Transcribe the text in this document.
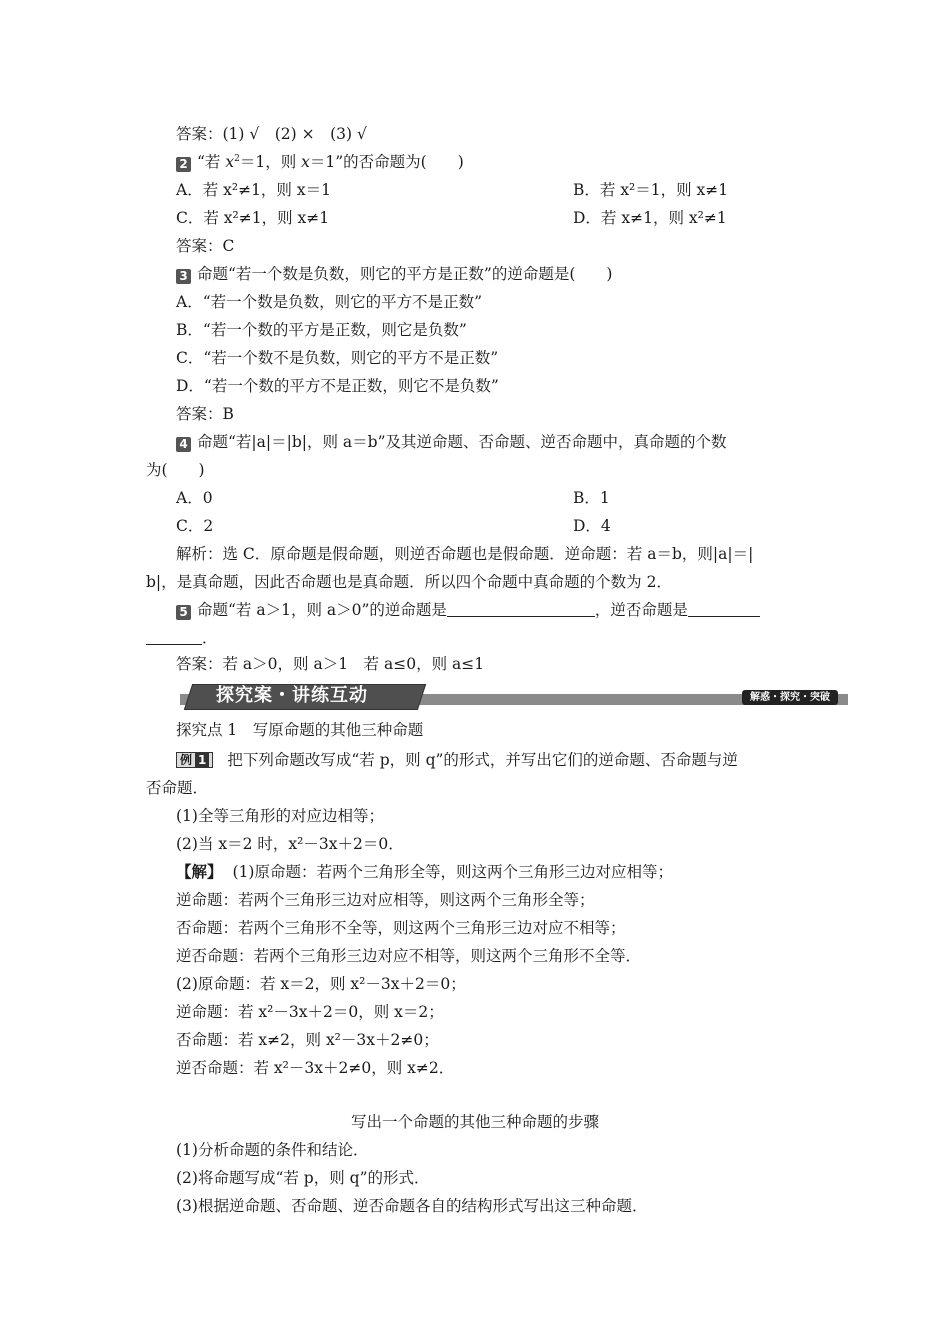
答案：(1) √　(2) ×　(3) √
2 “若 $x^2=1$，则 x＝1”的否命题为(　　)
A．若 x²≠1，则 x＝1	B．若 x²＝1，则 x≠1
C．若 x²≠1，则 x≠1	D．若 x≠1，则 x²≠1
答案：C
3 命题“若一个数是负数，则它的平方是正数”的逆命题是(　　)
A．“若一个数是负数，则它的平方不是正数”
B．“若一个数的平方是正数，则它是负数”
C．“若一个数不是负数，则它的平方不是正数”
D．“若一个数的平方不是正数，则它不是负数”
答案：B
4 命题“若|a|＝|b|，则 a＝b”及其逆命题、否命题、逆否命题中，真命题的个数
为(　　)
A．0	B．1
C．2	D．4
解析：选 C．原命题是假命题，则逆否命题也是假命题．逆命题：若 a＝b，则|a|＝|
b|，是真命题，因此否命题也是真命题．所以四个命题中真命题的个数为 2．
5 命题“若 a＞1，则 a＞0”的逆命题是	，逆否命题是
．
答案：若 a＞0，则 a＞1　若 a≤0，则 a≤1
探究案・讲练互动	解惑・探究・突破
探究点 1　写原命题的其他三种命题
例 1 把下列命题改写成“若 p，则 q”的形式，并写出它们的逆命题、否命题与逆
否命题．
(1)全等三角形的对应边相等；
(2)当 x＝2 时，x²－3x＋2＝0．
【解】 (1)原命题：若两个三角形全等，则这两个三角形三边对应相等；
逆命题：若两个三角形三边对应相等，则这两个三角形全等；
否命题：若两个三角形不全等，则这两个三角形三边对应不相等；
逆否命题：若两个三角形三边对应不相等，则这两个三角形不全等．
(2)原命题：若 x＝2，则 x²－3x＋2＝0；
逆命题：若 x²－3x＋2＝0，则 x＝2；
否命题：若 x≠2，则 x²－3x＋2≠0；
逆否命题：若 x²－3x＋2≠0，则 x≠2．
写出一个命题的其他三种命题的步骤
(1)分析命题的条件和结论．
(2)将命题写成“若 p，则 q”的形式．
(3)根据逆命题、否命题、逆否命题各自的结构形式写出这三种命题．
